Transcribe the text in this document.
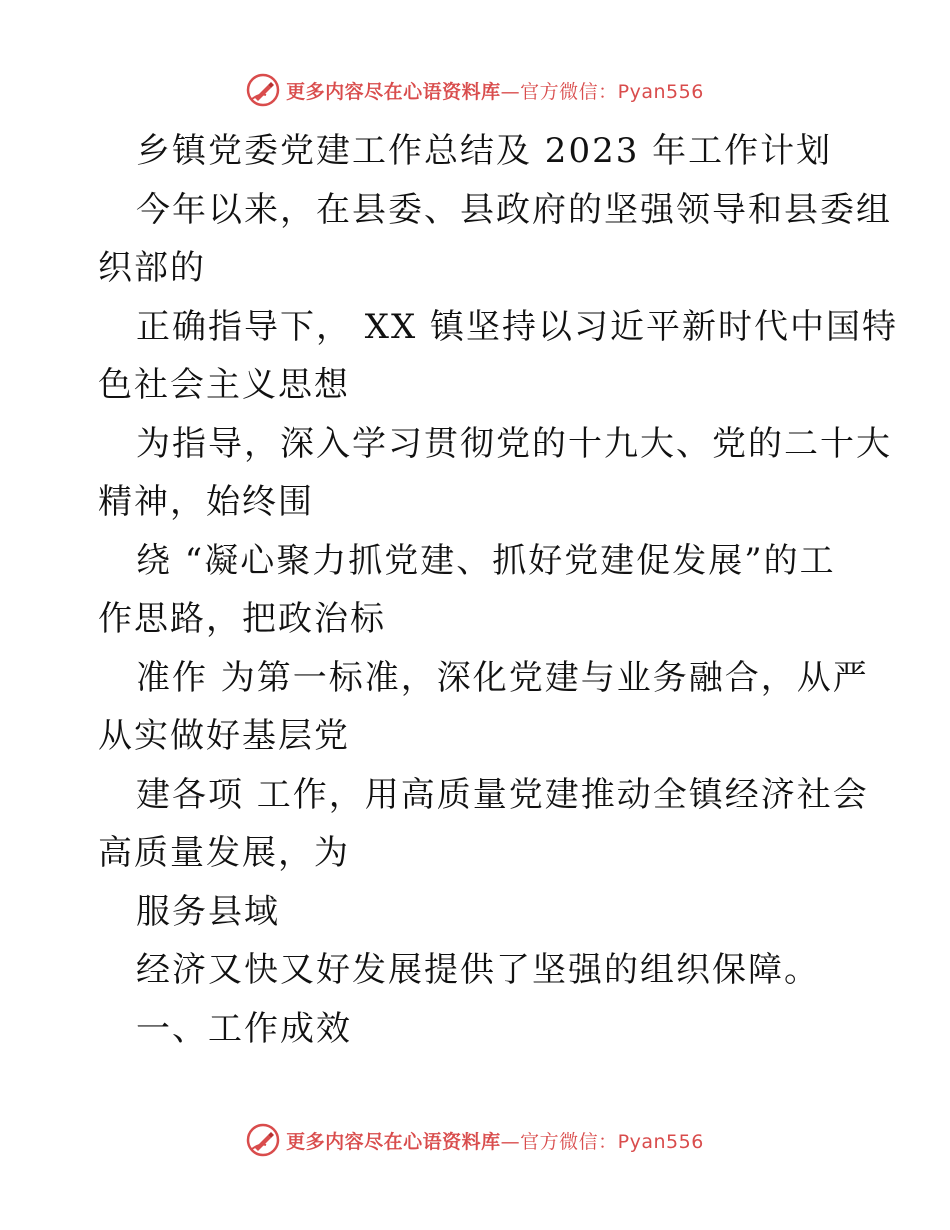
更多内容尽在心语资料库—官方微信：Pyan556
乡镇党委党建工作总结及 2023 年工作计划
今年以来，在县委、县政府的坚强领导和县委组
织部的
正确指导下， XX 镇坚持以习近平新时代中国特
色社会主义思想
为指导，深入学习贯彻党的十九大、党的二十大
精神，始终围
绕 “凝心聚力抓党建、抓好党建促发展”的工
作思路，把政治标
准作 为第一标准，深化党建与业务融合，从严
从实做好基层党
建各项 工作，用高质量党建推动全镇经济社会
高质量发展，为
服务县域
经济又快又好发展提供了坚强的组织保障。
一、工作成效
更多内容尽在心语资料库—官方微信：Pyan556
